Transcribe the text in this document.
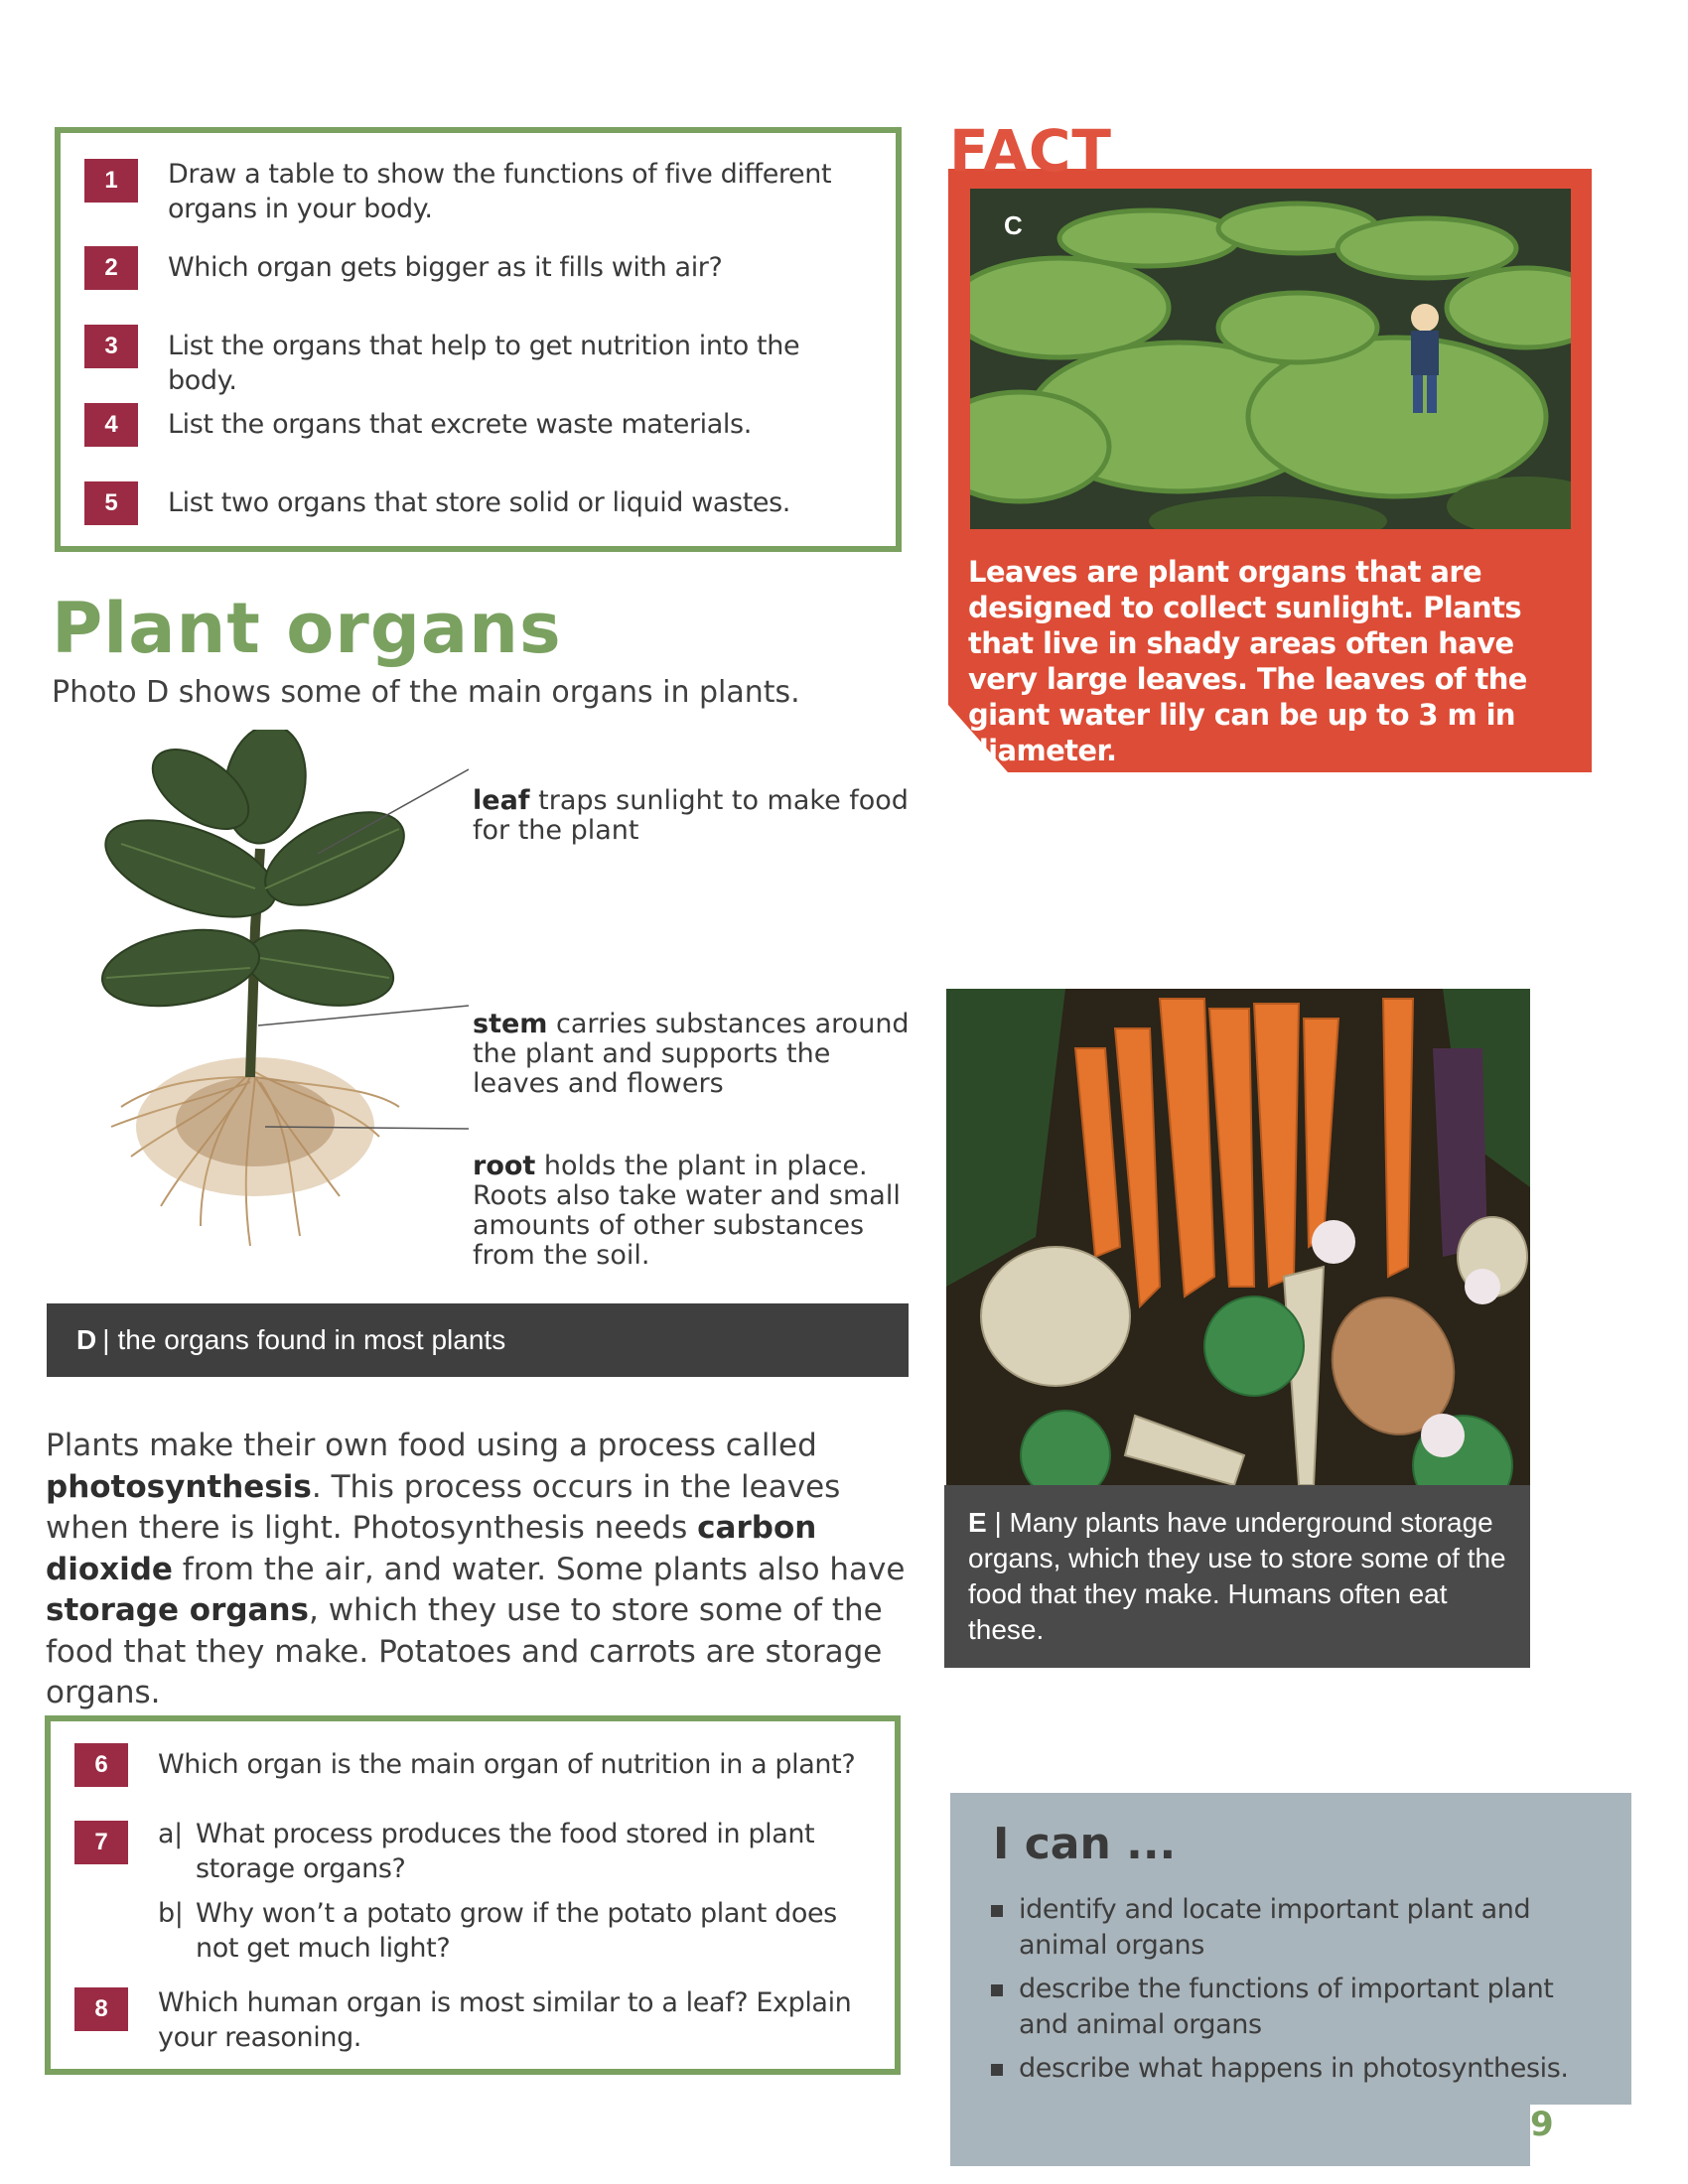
1	Draw a table to show the functions of five different organs in your body.
2	Which organ gets bigger as it fills with air?
3	List the organs that help to get nutrition into the body.
4	List the organs that excrete waste materials.
5	List two organs that store solid or liquid wastes.
Plant organs
Photo D shows some of the main organs in plants.
leaf traps sunlight to make food for the plant
stem carries substances around the plant and supports the leaves and flowers
root holds the plant in place. Roots also take water and small amounts of other substances from the soil.
D | the organs found in most plants
Plants make their own food using a process called photosynthesis. This process occurs in the leaves when there is light. Photosynthesis needs carbon dioxide from the air, and water. Some plants also have storage organs, which they use to store some of the food that they make. Potatoes and carrots are storage organs.
6	Which organ is the main organ of nutrition in a plant?
7	a| What process produces the food stored in plant storage organs?
b| Why won’t a potato grow if the potato plant does not get much light?
8	Which human organ is most similar to a leaf? Explain your reasoning.
FACT
C
Leaves are plant organs that are designed to collect sunlight. Plants that live in shady areas often have very large leaves. The leaves of the giant water lily can be up to 3 m in diameter.
E | Many plants have underground storage organs, which they use to store some of the food that they make. Humans often eat these.
I can ...
identify and locate important plant and animal organs
describe the functions of important plant and animal organs
describe what happens in photosynthesis.
9
